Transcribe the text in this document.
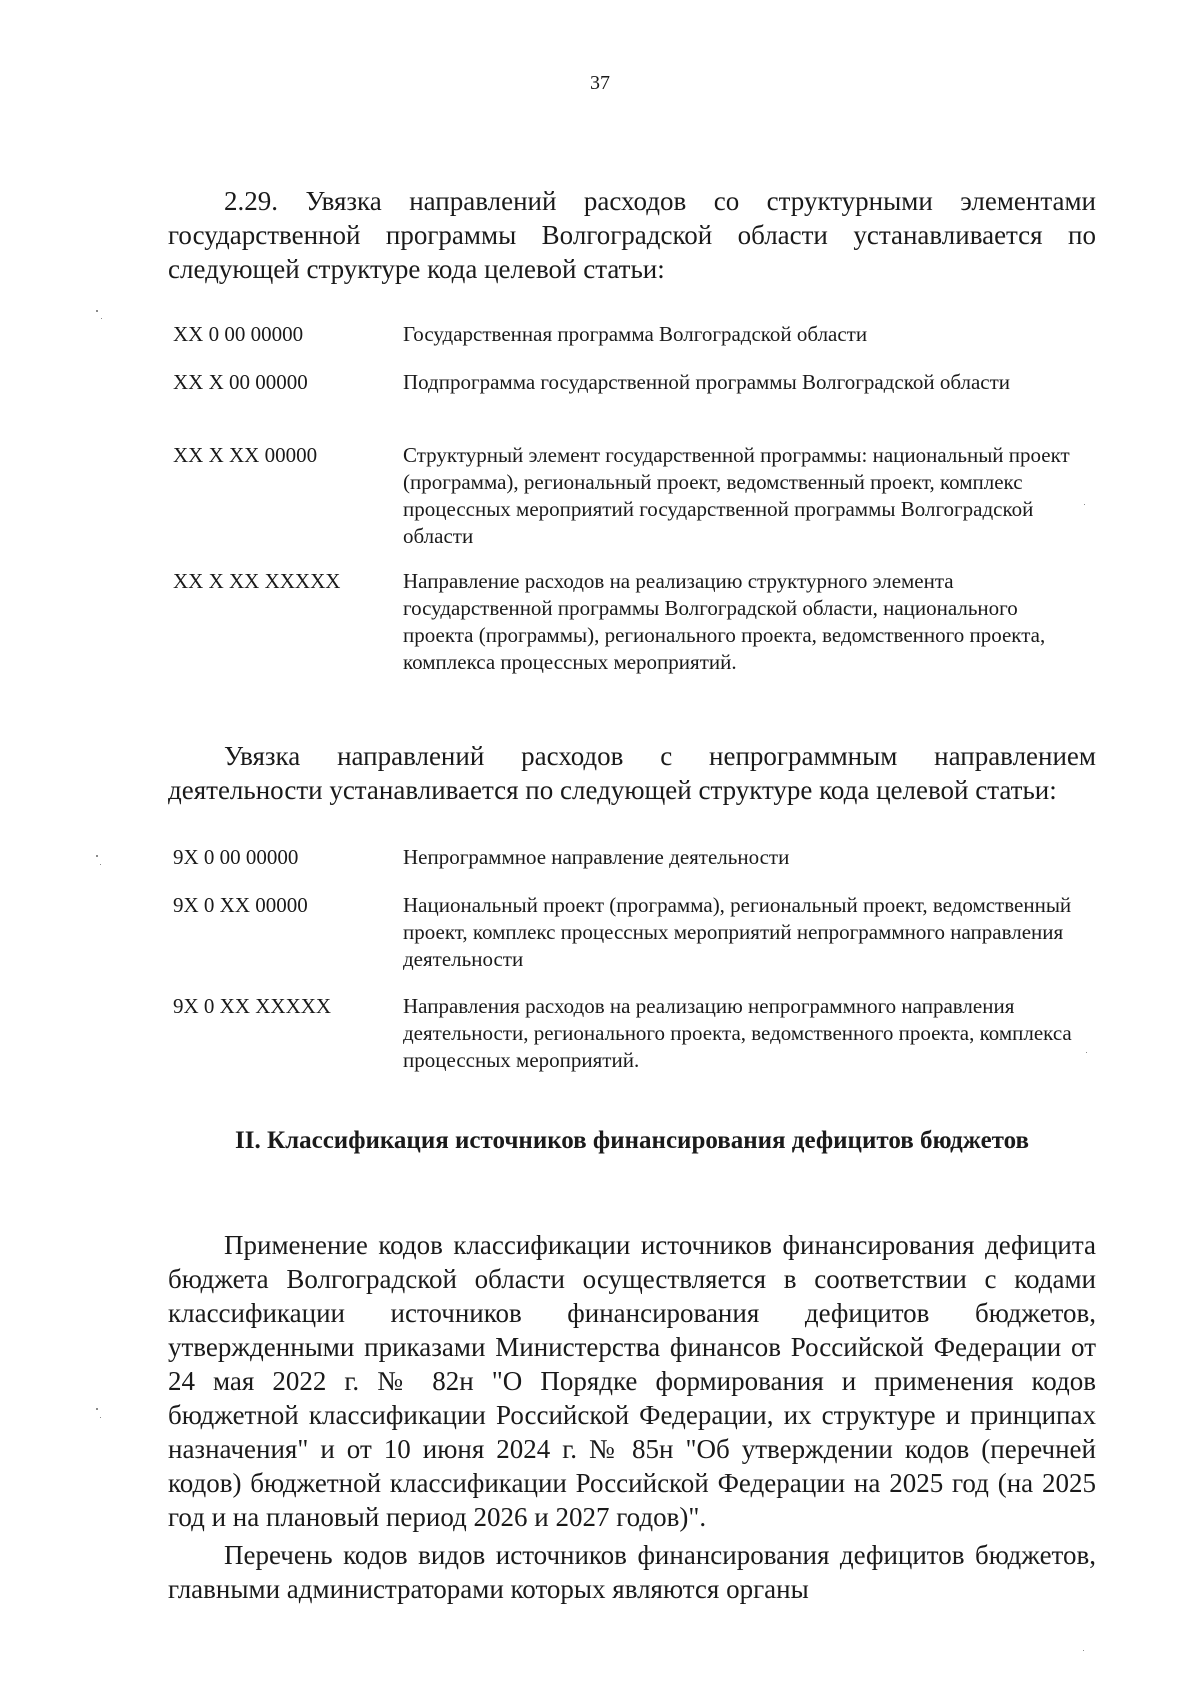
37

2.29. Увязка направлений расходов со структурными элементами государственной программы Волгоградской области устанавливается по следующей структуре кода целевой статьи:

XX 0 00 00000	Государственная программа Волгоградской области
XX X 00 00000	Подпрограмма государственной программы Волгоградской области
XX X XX 00000	Структурный элемент государственной программы: национальный проект (программа), региональный проект, ведомственный проект, комплекс процессных мероприятий государственной программы Волгоградской области
XX X XX XXXXX	Направление расходов на реализацию структурного элемента государственной программы Волгоградской области, национального проекта (программы), регионального проекта, ведомственного проекта, комплекса процессных мероприятий.

Увязка направлений расходов с непрограммным направлением деятельности устанавливается по следующей структуре кода целевой статьи:

9X 0 00 00000	Непрограммное направление деятельности
9X 0 XX 00000	Национальный проект (программа), региональный проект, ведомственный проект, комплекс процессных мероприятий непрограммного направления деятельности
9X 0 XX XXXXX	Направления расходов на реализацию непрограммного направления деятельности, регионального проекта, ведомственного проекта, комплекса процессных мероприятий.
II. Классификация источников финансирования дефицитов бюджетов

Применение кодов классификации источников финансирования дефицита бюджета Волгоградской области осуществляется в соответствии с кодами классификации источников финансирования дефицитов бюджетов, утвержденными приказами Министерства финансов Российской Федерации от 24 мая 2022 г. № 82н "О Порядке формирования и применения кодов бюджетной классификации Российской Федерации, их структуре и принципах назначения" и от 10 июня 2024 г. № 85н "Об утверждении кодов (перечней кодов) бюджетной классификации Российской Федерации на 2025 год (на 2025 год и на плановый период 2026 и 2027 годов)".

Перечень кодов видов источников финансирования дефицитов бюджетов, главными администраторами которых являются органы
